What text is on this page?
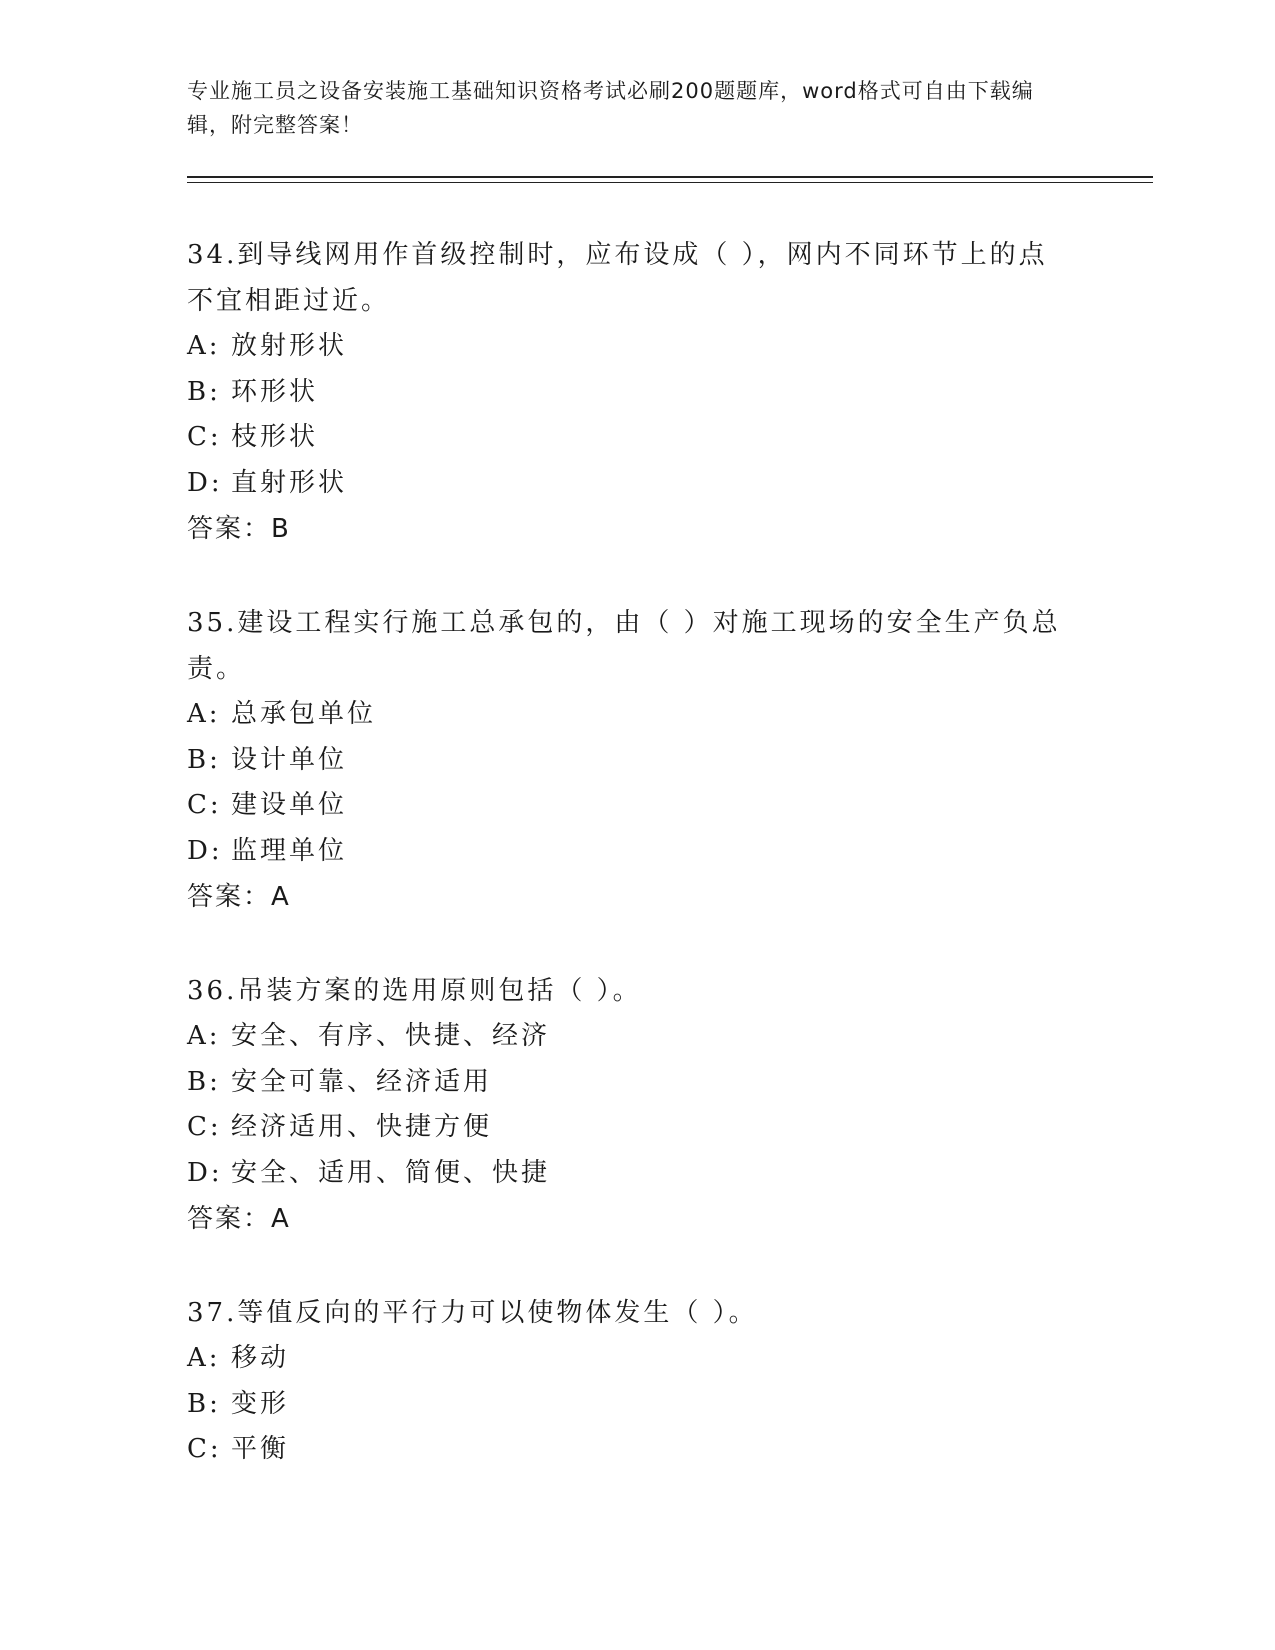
专业施工员之设备安装施工基础知识资格考试必刷200题题库，word格式可自由下载编辑，附完整答案！

34.到导线网用作首级控制时，应布设成（ ），网内不同环节上的点不宜相距过近。

A: 放射形状

B: 环形状

C: 枝形状

D: 直射形状

答案：B

35.建设工程实行施工总承包的，由（ ）对施工现场的安全生产负总责。

A: 总承包单位

B: 设计单位

C: 建设单位

D: 监理单位

答案：A

36.吊装方案的选用原则包括（ ）。

A: 安全、有序、快捷、经济

B: 安全可靠、经济适用

C: 经济适用、快捷方便

D: 安全、适用、简便、快捷

答案：A

37.等值反向的平行力可以使物体发生（ ）。

A: 移动

B: 变形

C: 平衡
